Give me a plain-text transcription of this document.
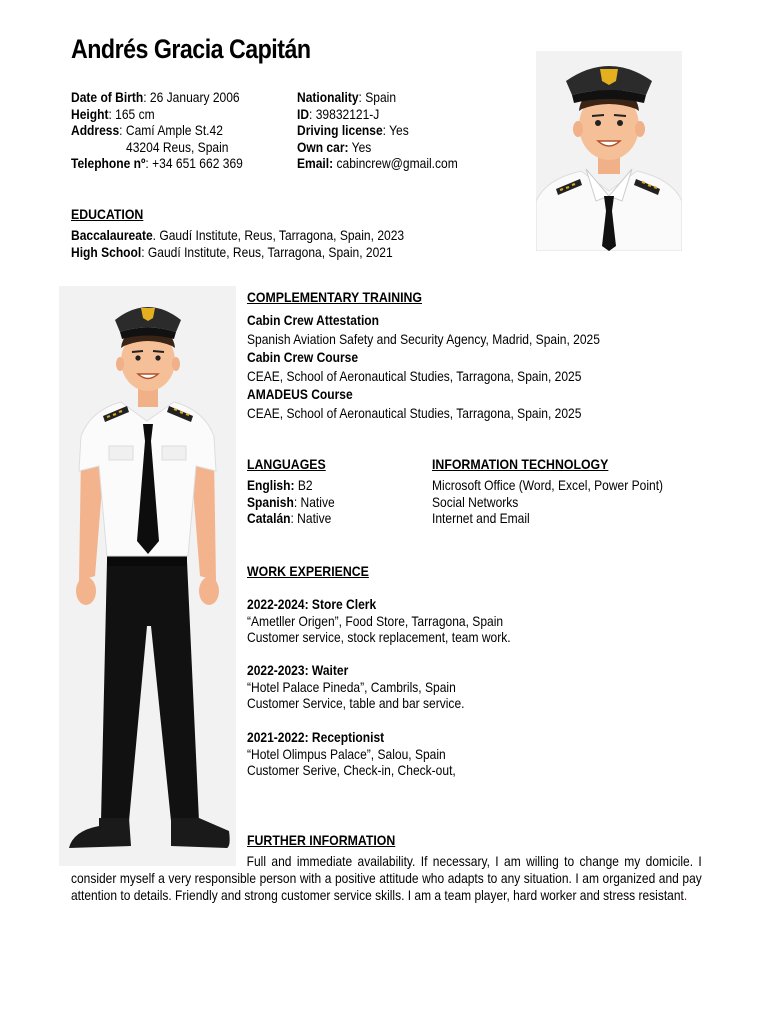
Andrés Gracia Capitán
Date of Birth: 26 January 2006
Height: 165 cm
Address: Camí Ample St.42
43204 Reus, Spain
Telephone nº: +34 651 662 369
Nationality: Spain
ID: 39832121-J
Driving license: Yes
Own car: Yes
Email: cabincrew@gmail.com
EDUCATION
Baccalaureate. Gaudí Institute, Reus, Tarragona, Spain, 2023
High School: Gaudí Institute, Reus, Tarragona, Spain, 2021
COMPLEMENTARY TRAINING
Cabin Crew Attestation
Spanish Aviation Safety and Security Agency, Madrid, Spain, 2025
Cabin Crew Course
CEAE, School of Aeronautical Studies, Tarragona, Spain, 2025
AMADEUS Course
CEAE, School of Aeronautical Studies, Tarragona, Spain, 2025
LANGUAGES
English: B2
Spanish: Native
Catalán: Native
INFORMATION TECHNOLOGY
Microsoft Office (Word, Excel, Power Point)
Social Networks
Internet and Email
WORK EXPERIENCE
2022-2024: Store Clerk
“Ametller Origen”, Food Store, Tarragona, Spain
Customer service, stock replacement, team work.
2022-2023: Waiter
“Hotel Palace Pineda”, Cambrils, Spain
Customer Service, table and bar service.
2021-2022: Receptionist
“Hotel Olimpus Palace”, Salou, Spain
Customer Serive, Check-in, Check-out,
FURTHER INFORMATION
Full and immediate availability. If necessary, I am willing to change my domicile. I consider myself a very responsible person with a positive attitude who adapts to any situation. I am organized and pay attention to details. Friendly and strong customer service skills. I am a team player, hard worker and stress resistant.
